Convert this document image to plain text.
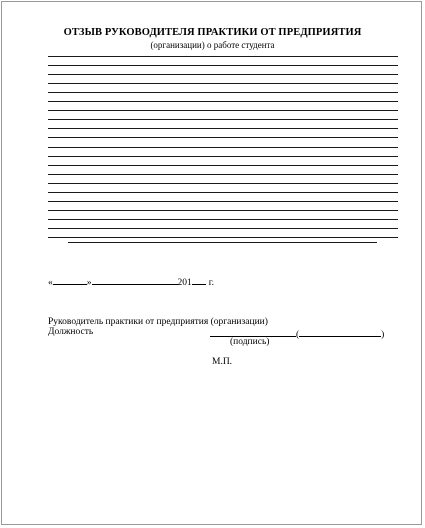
ОТЗЫВ РУКОВОДИТЕЛЯ ПРАКТИКИ ОТ ПРЕДПРИЯТИЯ
(организации) о работе студента
«	»	201 г.
Руководитель практики от предприятия (организации)
Должность	(	)
(подпись)
М.П.
